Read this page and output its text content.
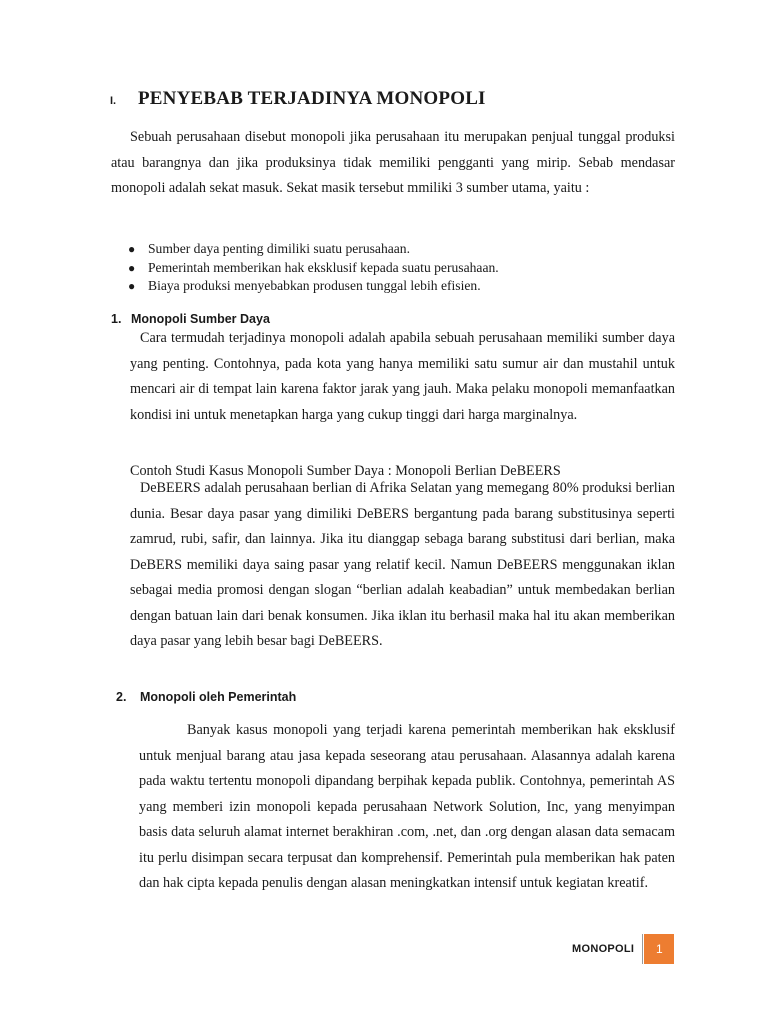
I.	PENYEBAB TERJADINYA MONOPOLI

Sebuah perusahaan disebut monopoli jika perusahaan itu merupakan penjual tunggal produksi atau barangnya dan jika produksinya tidak memiliki pengganti yang mirip. Sebab mendasar monopoli adalah sekat masuk. Sekat masik tersebut mmiliki 3 sumber utama, yaitu :

● Sumber daya penting dimiliki suatu perusahaan.
● Pemerintah memberikan hak eksklusif kepada suatu perusahaan.
● Biaya produksi menyebabkan produsen tunggal lebih efisien.
1. Monopoli Sumber Daya

Cara termudah terjadinya monopoli adalah apabila sebuah perusahaan memiliki sumber daya yang penting. Contohnya, pada kota yang hanya memiliki satu sumur air dan mustahil untuk mencari air di tempat lain karena faktor jarak yang jauh. Maka pelaku monopoli memanfaatkan kondisi ini untuk menetapkan harga yang cukup tinggi dari harga marginalnya.

Contoh Studi Kasus Monopoli Sumber Daya : Monopoli Berlian DeBEERS

DeBEERS adalah perusahaan berlian di Afrika Selatan yang memegang 80% produksi berlian dunia. Besar daya pasar yang dimiliki DeBERS bergantung pada barang substitusinya seperti zamrud, rubi, safir, dan lainnya. Jika itu dianggap sebaga barang substitusi dari berlian, maka DeBERS memiliki daya saing pasar yang relatif kecil. Namun DeBEERS menggunakan iklan sebagai media promosi dengan slogan “berlian adalah keabadian” untuk membedakan berlian dengan batuan lain dari benak konsumen. Jika iklan itu berhasil maka hal itu akan memberikan daya pasar yang lebih besar bagi DeBEERS.

2.	Monopoli oleh Pemerintah

Banyak kasus monopoli yang terjadi karena pemerintah memberikan hak eksklusif untuk menjual barang atau jasa kepada seseorang atau perusahaan. Alasannya adalah karena pada waktu tertentu monopoli dipandang berpihak kepada publik. Contohnya, pemerintah AS yang memberi izin monopoli kepada perusahaan Network Solution, Inc, yang menyimpan basis data seluruh alamat internet berakhiran .com, .net, dan .org dengan alasan data semacam itu perlu disimpan secara terpusat dan komprehensif. Pemerintah pula memberikan hak paten dan hak cipta kepada penulis dengan alasan meningkatkan intensif untuk kegiatan kreatif.

MONOPOLI	1
